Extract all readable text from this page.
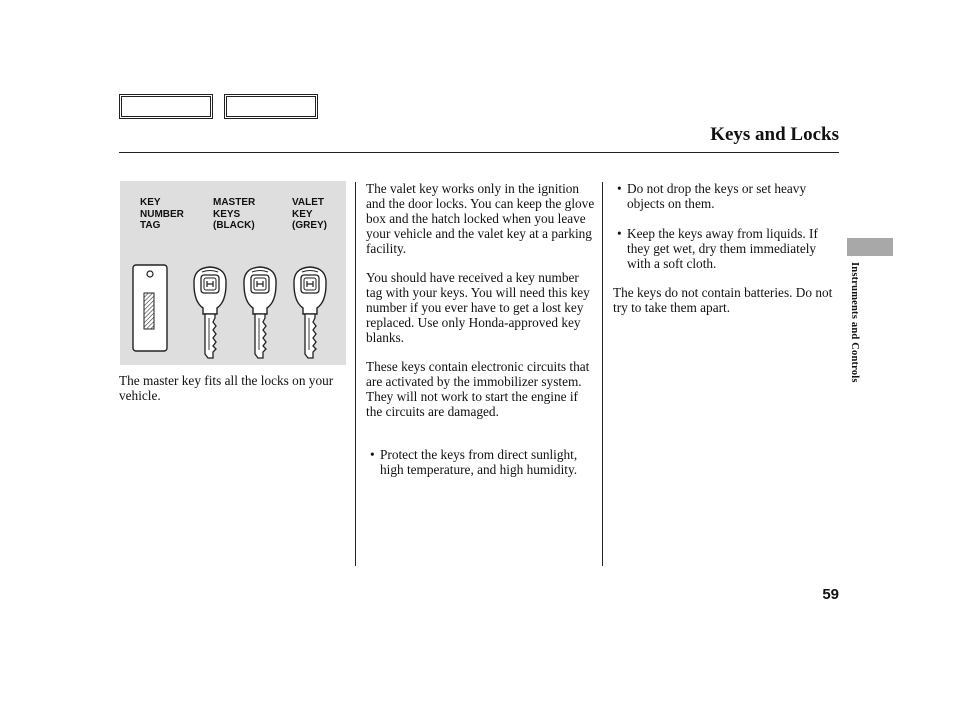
Keys and Locks
KEY
NUMBER
TAG
MASTER
KEYS
(BLACK)
VALET
KEY
(GREY)

The master key fits all the locks on your vehicle.

The valet key works only in the ignition and the door locks. You can keep the glove box and the hatch locked when you leave your vehicle and the valet key at a parking facility.

You should have received a key number tag with your keys. You will need this key number if you ever have to get a lost key replaced. Use only Honda-approved key blanks.

These keys contain electronic circuits that are activated by the immobilizer system. They will not work to start the engine if the circuits are damaged.

• Protect the keys from direct sunlight, high temperature, and high humidity.
• Do not drop the keys or set heavy objects on them.
• Keep the keys away from liquids. If they get wet, dry them immediately with a soft cloth.

The keys do not contain batteries. Do not try to take them apart.	Instruments and Controls
59
